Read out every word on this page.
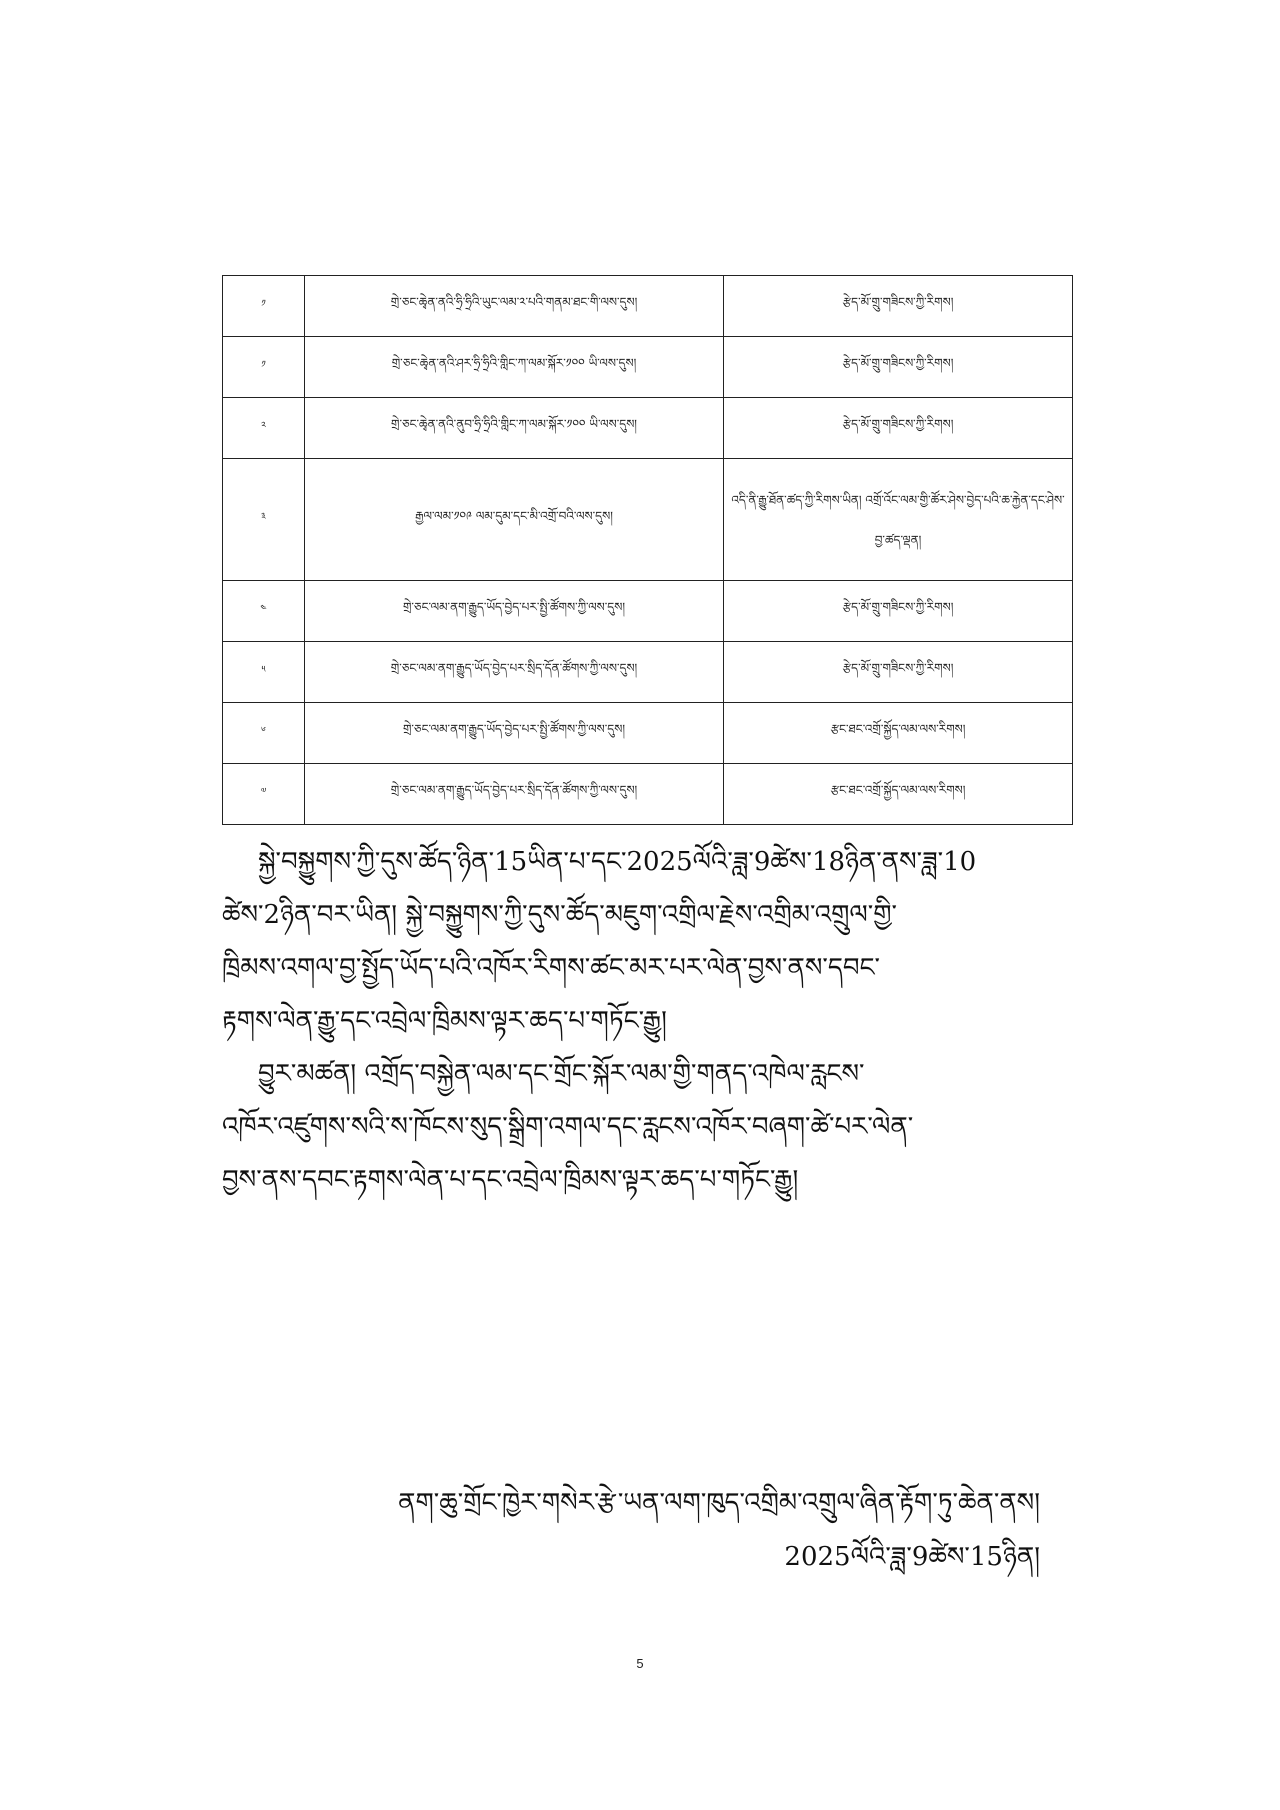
༡	གྲེ་ཅང་ཆྭེན་ནའི་ཧྲི་ཧྲིའི་ཡུང་ལམ་༢་པའི་གནམ་ཐང་གི་ལས་དུས།	རྩེད་མོ་གྲུ་གཟིངས་ཀྱི་རིགས།
༡	གྲེ་ཅང་ཆྭེན་ནའི་ཤར་ཧྲི་ཧྲིའི་གླིང་ཀ་ལམ་སྐོར་༡༠༠ ཡི་ལས་དུས།	རྩེད་མོ་གྲུ་གཟིངས་ཀྱི་རིགས།
༢	གྲེ་ཅང་ཆྭེན་ནའི་ནུབ་ཧྲི་ཧྲིའི་གླིང་ཀ་ལམ་སྐོར་༡༠༠ ཡི་ལས་དུས།	རྩེད་མོ་གྲུ་གཟིངས་ཀྱི་རིགས།
༣	རྒྱལ་ལམ་༡༠༩ ལམ་དུམ་དང་མི་འགྲོ་བའི་ལས་དུས།	འདི་ནི་རྒྱུ་ཐོན་ཚད་ཀྱི་རིགས་ཡིན། འགྲོ་འོང་ལམ་གྱི་ཚོར་ཤེས་བྱེད་པའི་ཆ་རྐྱེན་དང་ཤེས་བྱ་ཚད་ལྡན།
༤	གྲེ་ཅང་ལམ་ནག་རྒྱུད་ཡོད་བྱེད་པར་སྤྱི་ཚོགས་ཀྱི་ལས་དུས།	རྩེད་མོ་གྲུ་གཟིངས་ཀྱི་རིགས།
༥	གྲེ་ཅང་ལམ་ནག་རྒྱུད་ཡོད་བྱེད་པར་སྲིད་དོན་ཚོགས་ཀྱི་ལས་དུས།	རྩེད་མོ་གྲུ་གཟིངས་ཀྱི་རིགས།
༦	གྲེ་ཅང་ལམ་ནག་རྒྱུད་ཡོད་བྱེད་པར་སྤྱི་ཚོགས་ཀྱི་ལས་དུས།	རྩང་ཐང་འགྲོ་སྐྱོད་ལམ་ལས་རིགས།
༧	གྲེ་ཅང་ལམ་ནག་རྒྱུད་ཡོད་བྱེད་པར་སྲིད་དོན་ཚོགས་ཀྱི་ལས་དུས།	རྩང་ཐང་འགྲོ་སྐྱོད་ལམ་ལས་རིགས།
སྐྱེ་བསྐྱུགས་ཀྱི་དུས་ཚོད་ཉིན་15ཡིན་པ་དང་2025ལོའི་ཟླ་9ཚེས་18ཉིན་ནས་ཟླ་10
ཚེས་2ཉིན་བར་ཡིན། སྐྱེ་བསྐྱུགས་ཀྱི་དུས་ཚོད་མཇུག་འགྲིལ་རྗེས་འགྲིམ་འགྲུལ་གྱི་
ཁྲིམས་འགལ་བྱ་སྤྱོད་ཡོད་པའི་འཁོར་རིགས་ཚང་མར་པར་ལེན་བྱས་ནས་དབང་
རྟགས་ལེན་རྒྱུ་དང་འབྲེལ་ཁྲིམས་ལྟར་ཆད་པ་གཏོང་རྒྱུ།
བྱུར་མཚན། འགྲོད་བསྐྱེན་ལམ་དང་གྲོང་སྐོར་ལམ་གྱི་གནད་འཁེལ་རླངས་
འཁོར་འཛུགས་སའི་ས་ཁོངས་སུད་སྒྲིག་འགལ་དང་རླངས་འཁོར་བཞག་ཚེ་པར་ལེན་
བྱས་ནས་དབང་རྟགས་ལེན་པ་དང་འབྲེལ་ཁྲིམས་ལྟར་ཆད་པ་གཏོང་རྒྱུ།
ནག་ཆུ་གྲོང་ཁྱེར་གསེར་རྩེ་ཡན་ལག་ཁུད་འགྲིམ་འགྲུལ་ཞིན་རྟོག་ཏུ་ཆེན་ནས།
2025ལོའི་ཟླ་9ཚེས་15ཉིན།
5
